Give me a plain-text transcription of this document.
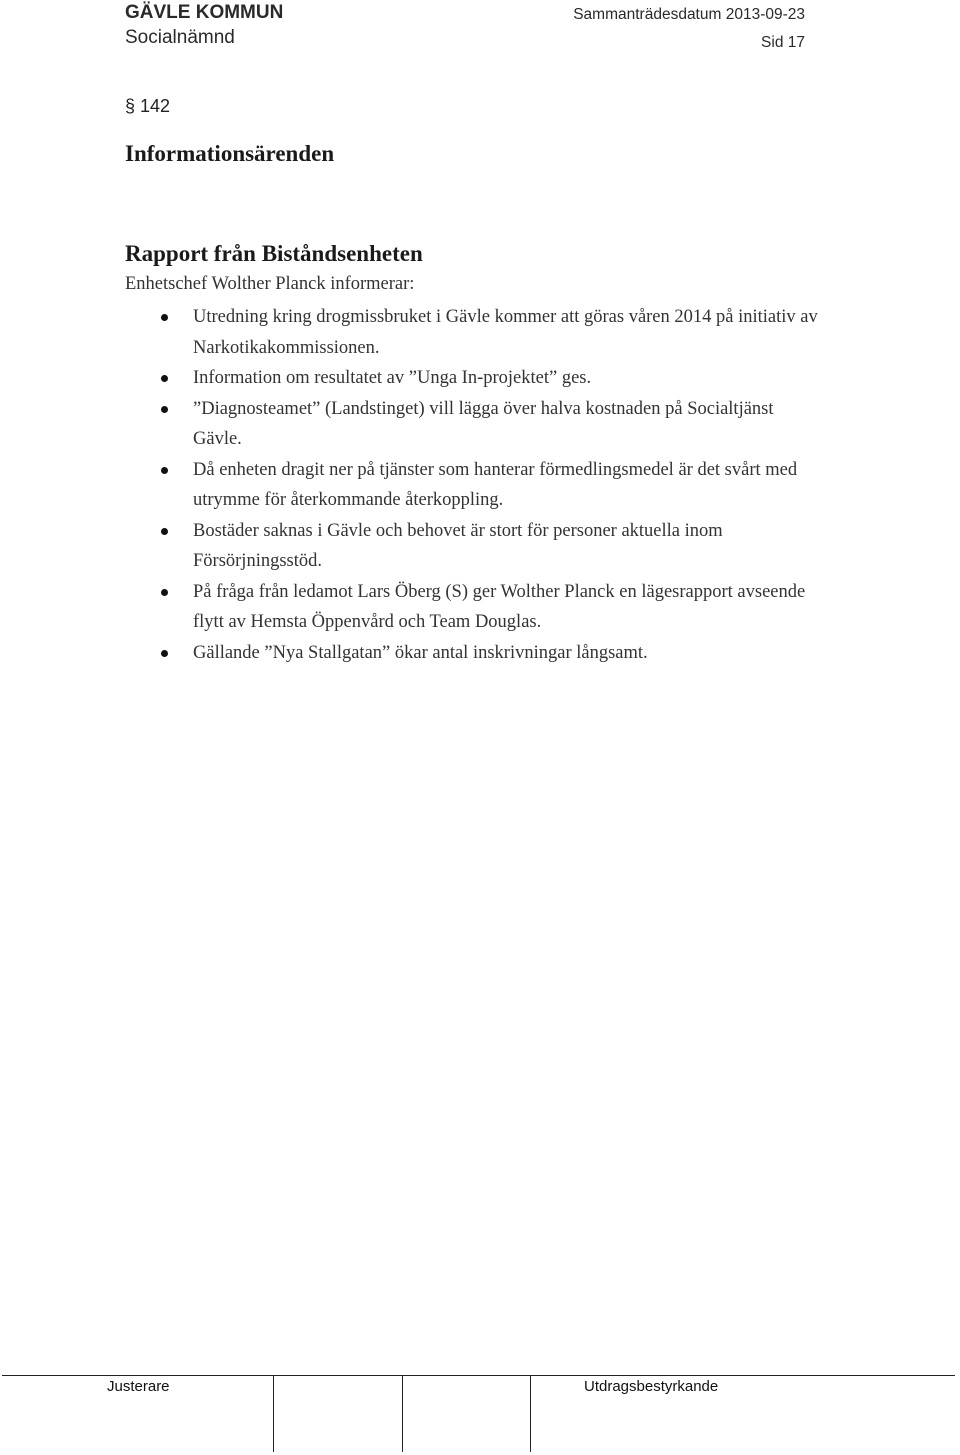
GÄVLE KOMMUN
Socialnämnd
Sammanträdesdatum 2013-09-23
Sid 17
§ 142
Informationsärenden
Rapport från Biståndsenheten
Enhetschef Wolther Planck informerar:
Utredning kring drogmissbruket i Gävle kommer att göras våren 2014 på initiativ av Narkotikakommissionen.
Information om resultatet av ”Unga In-projektet” ges.
”Diagnosteamet” (Landstinget) vill lägga över halva kostnaden på Socialtjänst Gävle.
Då enheten dragit ner på tjänster som hanterar förmedlingsmedel är det svårt med utrymme för återkommande återkoppling.
Bostäder saknas i Gävle och behovet är stort för personer aktuella inom Försörjningsstöd.
På fråga från ledamot Lars Öberg (S) ger Wolther Planck en lägesrapport avseende flytt av Hemsta Öppenvård och Team Douglas.
Gällande ”Nya Stallgatan” ökar antal inskrivningar långsamt.
Justerare	Utdragsbestyrkande
